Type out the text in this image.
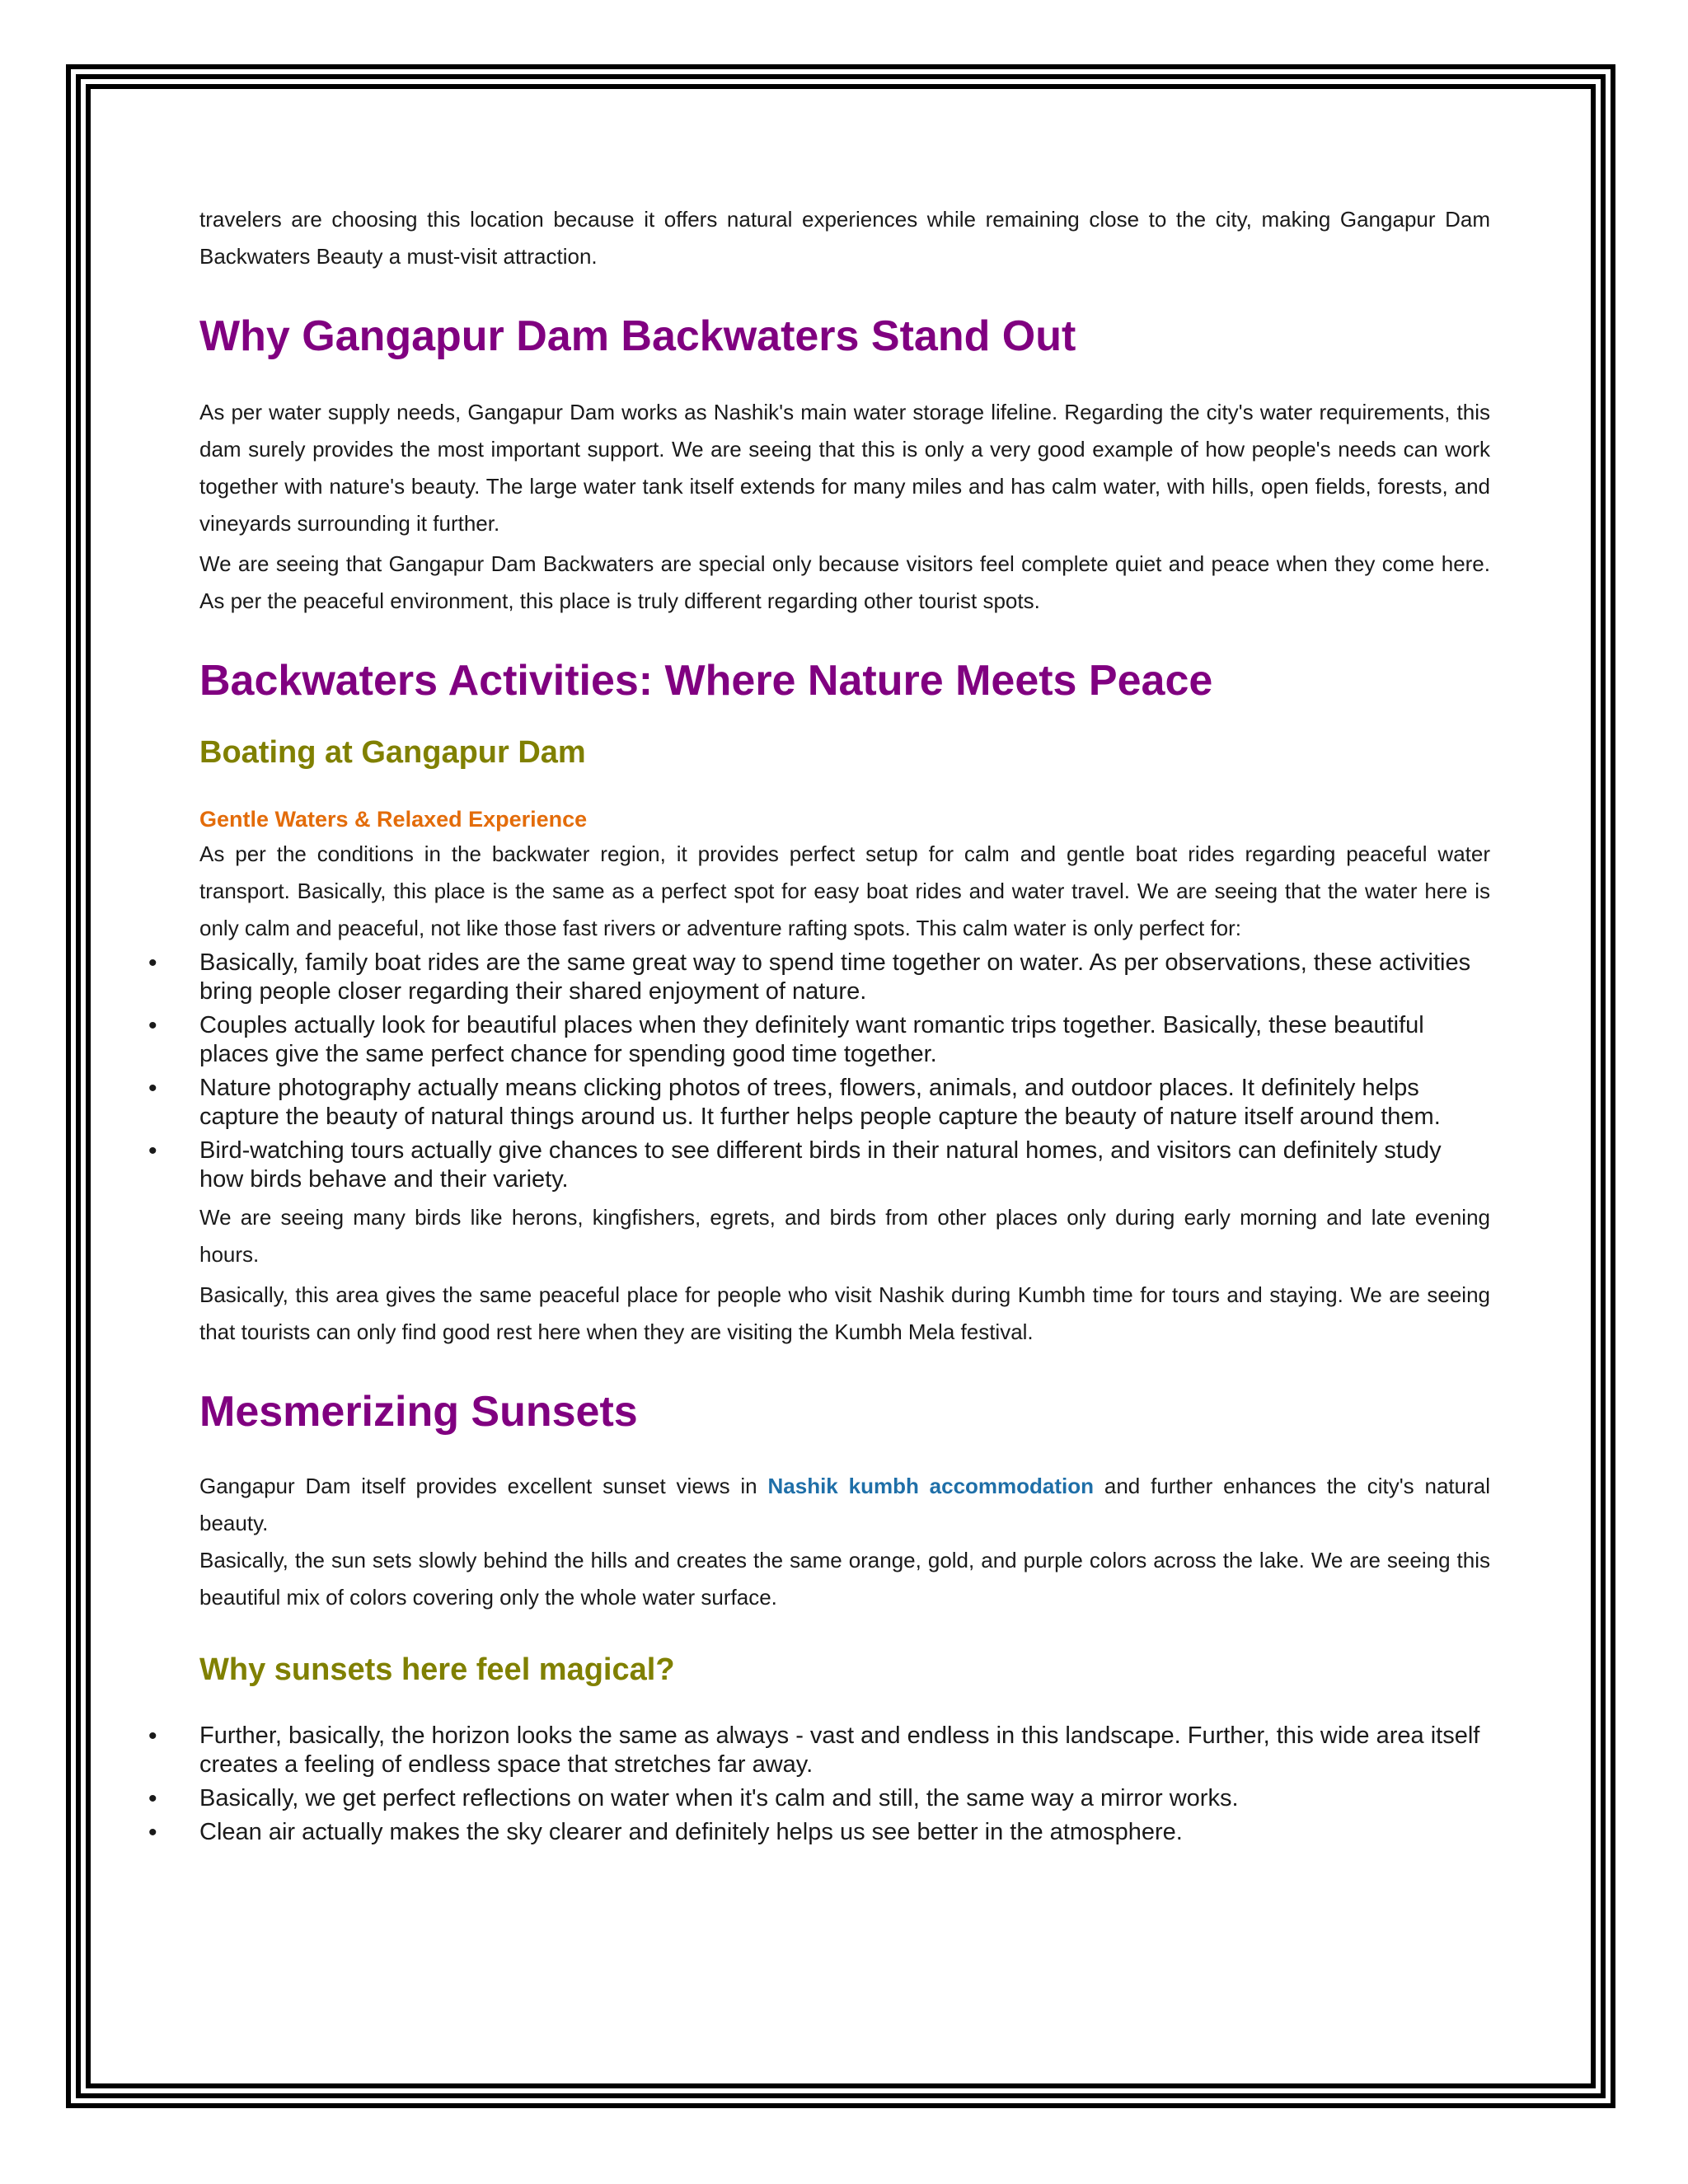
travelers are choosing this location because it offers natural experiences while remaining close to the city, making Gangapur Dam Backwaters Beauty a must-visit attraction.

Why Gangapur Dam Backwaters Stand Out

As per water supply needs, Gangapur Dam works as Nashik's main water storage lifeline. Regarding the city's water requirements, this dam surely provides the most important support. We are seeing that this is only a very good example of how people's needs can work together with nature's beauty. The large water tank itself extends for many miles and has calm water, with hills, open fields, forests, and vineyards surrounding it further.

We are seeing that Gangapur Dam Backwaters are special only because visitors feel complete quiet and peace when they come here. As per the peaceful environment, this place is truly different regarding other tourist spots.

Backwaters Activities: Where Nature Meets Peace
Boating at Gangapur Dam
Gentle Waters & Relaxed Experience

As per the conditions in the backwater region, it provides perfect setup for calm and gentle boat rides regarding peaceful water transport. Basically, this place is the same as a perfect spot for easy boat rides and water travel. We are seeing that the water here is only calm and peaceful, not like those fast rivers or adventure rafting spots. This calm water is only perfect for:

• Basically, family boat rides are the same great way to spend time together on water. As per observations, these activities bring people closer regarding their shared enjoyment of nature.
• Couples actually look for beautiful places when they definitely want romantic trips together. Basically, these beautiful places give the same perfect chance for spending good time together.
• Nature photography actually means clicking photos of trees, flowers, animals, and outdoor places. It definitely helps capture the beauty of natural things around us. It further helps people capture the beauty of nature itself around them.
• Bird-watching tours actually give chances to see different birds in their natural homes, and visitors can definitely study how birds behave and their variety.

We are seeing many birds like herons, kingfishers, egrets, and birds from other places only during early morning and late evening hours.

Basically, this area gives the same peaceful place for people who visit Nashik during Kumbh time for tours and staying. We are seeing that tourists can only find good rest here when they are visiting the Kumbh Mela festival.

Mesmerizing Sunsets

Gangapur Dam itself provides excellent sunset views in Nashik kumbh accommodation and further enhances the city's natural beauty.

Basically, the sun sets slowly behind the hills and creates the same orange, gold, and purple colors across the lake. We are seeing this beautiful mix of colors covering only the whole water surface.

Why sunsets here feel magical?
• Further, basically, the horizon looks the same as always - vast and endless in this landscape. Further, this wide area itself creates a feeling of endless space that stretches far away.
• Basically, we get perfect reflections on water when it's calm and still, the same way a mirror works.
• Clean air actually makes the sky clearer and definitely helps us see better in the atmosphere.
